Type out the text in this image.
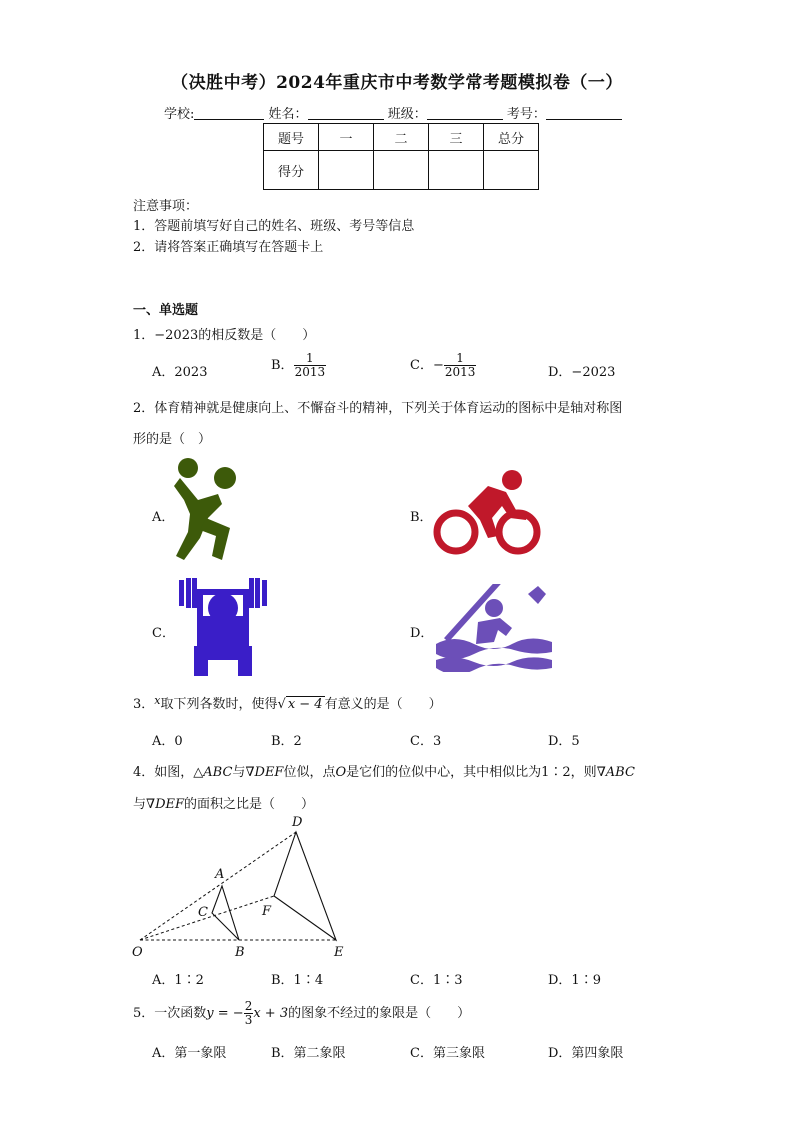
（决胜中考）2024年重庆市中考数学常考题模拟卷（一）
学校:	姓名：	班级：	考号：
题号	一	二	三	总分
得分				
注意事项：
1．答题前填写好自己的姓名、班级、考号等信息
2．请将答案正确填写在答题卡上
一、单选题
1．−2023的相反数是（　　）
A．2023	B． $\frac{1}{2013}$	C．− $\frac{1}{2013}$	D．−2023
2．体育精神就是健康向上、不懈奋斗的精神，下列关于体育运动的图标中是轴对称图
形的是（　）
A．	B．
C．	D．
3．$^x$取下列各数时，使得√ x − 4 有意义的是（　　）
A．0	B．2	C．3	D．5
4．如图，△ABC与∇DEF位似，点O是它们的位似中心，其中相似比为1∶2，则∇ABC
与∇DEF的面积之比是（　　）
D
A
C	F
O	B	E
A．1∶2	B．1∶4	C．1∶3	D．1∶9
5．一次函数y = − $\frac{2}{3}$ x + 3的图象不经过的象限是（　　）
A．第一象限	B．第二象限	C．第三象限	D．第四象限
